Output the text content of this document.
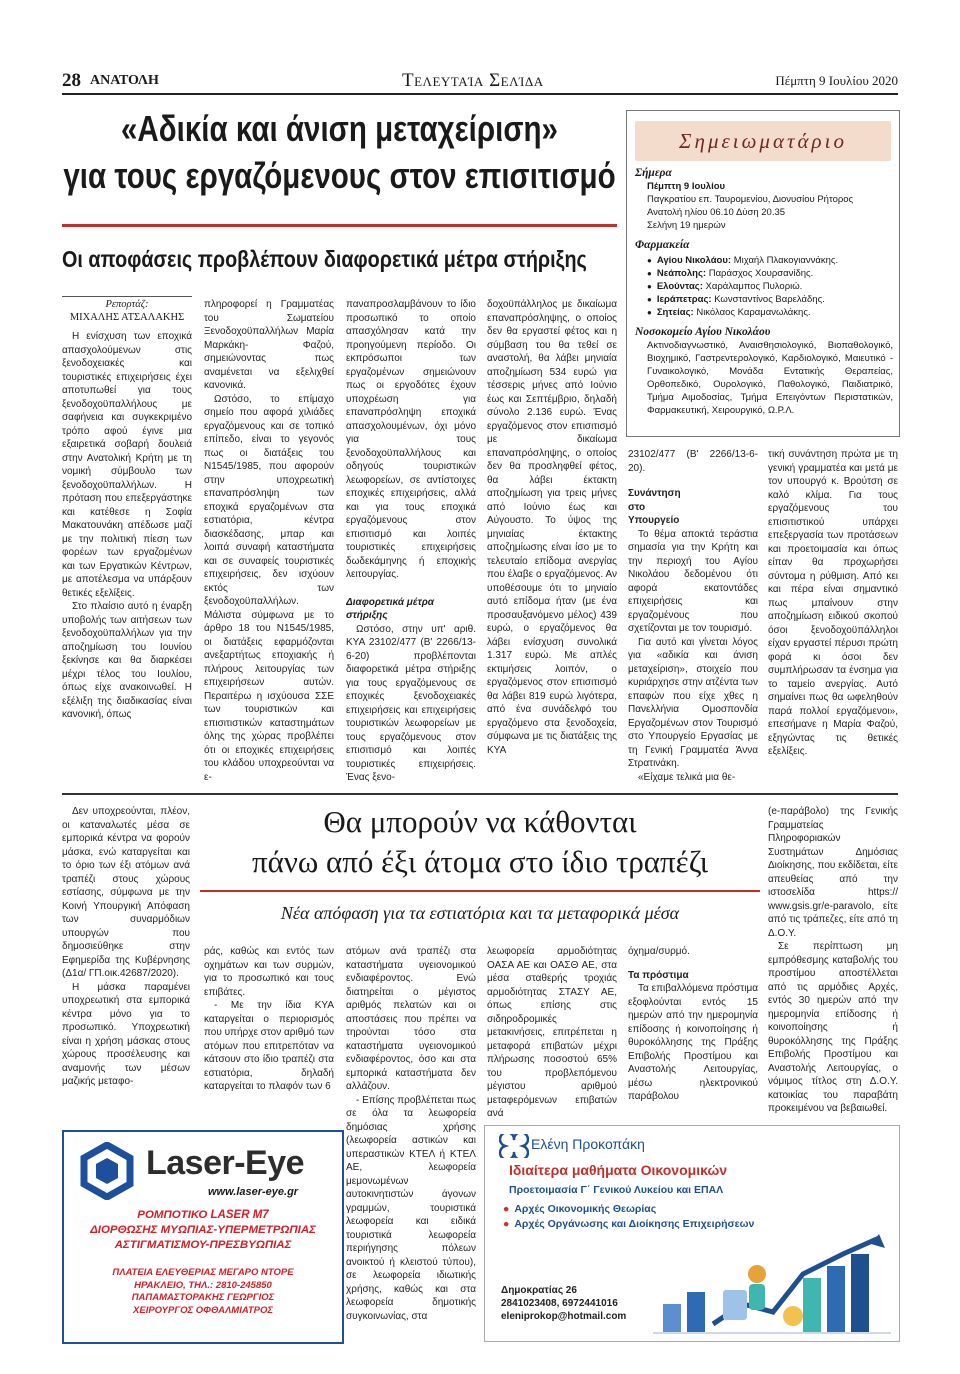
28 ΑΝΑΤΟΛΗ	Τελευταία Σελίδα	Πέμπτη 9 Ιουλίου 2020
«Αδικία και άνιση μεταχείριση»
για τους εργαζόμενους στον επισιτισμό
Οι αποφάσεις προβλέπουν διαφορετικά μέτρα στήριξης
Ρεπορτάζ:
ΜΙΧΑΛΗΣ ΑΤΣΑΛΑΚΗΣ

Η ενίσχυση των εποχικά απασχολούμενων στις ξενοδοχειακές και τουριστικές επιχειρήσεις έχει αποτυπωθεί για τους ξενοδοχοϋπαλλήλους με σαφήνεια και συγκεκριμένο τρόπο αφού έγινε μια εξαιρετικά σοβαρή δουλειά στην Ανατολική Κρήτη με τη νομική σύμβουλο των ξενοδοχοϋπαλλήλων. Η πρόταση που επεξεργάστηκε και κατέθεσε η Σοφία Μακατουνάκη απέδωσε μαζί με την πολιτική πίεση των φορέων των εργαζομένων και των Εργατικών Κέντρων, με αποτέλεσμα να υπάρξουν θετικές εξελίξεις.

Στο πλαίσιο αυτό η έναρξη υποβολής των αιτήσεων των ξενοδοχοϋπαλλήλων για την αποζημίωση του Ιουνίου ξεκίνησε και θα διαρκέσει μέχρι τέλος του Ιουλίου, όπως είχε ανακοινωθεί. Η εξέλιξη της διαδικασίας είναι κανονική, όπως

πληροφορεί η Γραμματέας του Σωματείου Ξενοδοχοϋπαλλήλων Μαρία Μαρκάκη- Φαζού, σημειώνοντας πως αναμένεται να εξελιχθεί κανονικά.

Ωστόσο, το επίμαχο σημείο που αφορά χιλιάδες εργαζόμενους και σε τοπικό επίπεδο, είναι το γεγονός πως οι διατάξεις του Ν1545/1985, που αφορούν στην υποχρεωτική επαναπρόσληψη των εποχικά εργαζομένων στα εστιατόρια, κέντρα διασκέδασης, μπαρ και λοιπά συναφή καταστήματα και σε συναφείς τουριστικές επιχειρήσεις, δεν ισχύουν εκτός των ξενοδοχοϋπαλλήλων. Μάλιστα σύμφωνα με το άρθρο 18 του Ν1545/1985, οι διατάξεις εφαρμόζονται ανεξαρτήτως εποχιακής ή πλήρους λειτουργίας των επιχειρήσεων αυτών. Περαιτέρω η ισχύουσα ΣΣΕ των τουριστικών και επισιτιστικών καταστημάτων όλης της χώρας προβλέπει ότι οι εποχικές επιχειρήσεις του κλάδου υποχρεούνται να ε-

παναπροσλαμβάνουν το ίδιο προσωπικό το οποίο απασχόλησαν κατά την προηγούμενη περίοδο. Οι εκπρόσωποι των εργαζομένων σημειώνουν πως οι εργοδότες έχουν υποχρέωση για επαναπρόσληψη εποχικά απασχολουμένων, όχι μόνο για τους ξενοδοχοϋπαλλήλους και οδηγούς τουριστικών λεωφορείων, σε αντίστοιχες εποχικές επιχειρήσεις, αλλά και για τους εποχικά εργαζόμενους στον επισιτισμό και λοιπές τουριστικές επιχειρήσεις δωδεκάμηνης ή εποχικής λειτουργίας.

Διαφορετικά μέτρα στήριξης

Ωστόσο, στην υπ' αριθ. ΚΥΑ 23102/477 (Β' 2266/13-6-20) προβλέπονται διαφορετικά μέτρα στήριξης για τους εργαζόμενους σε εποχικές ξενοδοχειακές επιχειρήσεις και επιχειρήσεις τουριστικών λεωφορείων με τους εργαζόμενους στον επισιτισμό και λοιπές τουριστικές επιχειρήσεις. Ένας ξενο-

δοχοϋπάλληλος με δικαίωμα επαναπρόσληψης, ο οποίος δεν θα εργαστεί φέτος και η σύμβαση του θα τεθεί σε αναστολή, θα λάβει μηνιαία αποζημίωση 534 ευρώ για τέσσερις μήνες από Ιούνιο έως και Σεπτέμβριο, δηλαδή σύνολο 2.136 ευρώ. Ένας εργαζόμενος στον επισιτισμό με δικαίωμα επαναπρόσληψης, ο οποίος δεν θα προσληφθεί φέτος, θα λάβει έκτακτη αποζημίωση για τρεις μήνες από Ιούνιο έως και Αύγουστο. Το ύψος της μηνιαίας έκτακτης αποζημίωσης είναι ίσο με το τελευταίο επίδομα ανεργίας που έλαβε ο εργαζόμενος. Αν υποθέσουμε ότι το μηνιαίο αυτό επίδομα ήταν (με ένα προσαυξανόμενο μέλος) 439 ευρώ, ο εργαζόμενος θα λάβει ενίσχυση συνολικά 1.317 ευρώ. Με απλές εκτιμήσεις λοιπόν, ο εργαζόμενος στον επισιτισμό θα λάβει 819 ευρώ λιγότερα, από ένα συνάδελφό του εργαζόμενο στα ξενοδοχεία, σύμφωνα με τις διατάξεις της ΚΥΑ

23102/477 (Β' 2266/13-6-20).

Συνάντηση στο Υπουργείο

Το θέμα αποκτά τεράστια σημασία για την Κρήτη και την περιοχή του Αγίου Νικολάου δεδομένου ότι αφορά εκατοντάδες επιχειρήσεις και εργαζομένους που σχετίζονται με τον τουρισμό.

Για αυτό και γίνεται λόγος για «αδικία και άνιση μεταχείριση», στοιχείο που κυριάρχησε στην ατζέντα των επαφών που είχε χθες η Πανελλήνια Ομοσπονδία Εργαζομένων στον Τουρισμό στο Υπουργείο Εργασίας με τη Γενική Γραμματέα Άννα Στρατινάκη.

«Είχαμε τελικά μια θε-

τική συνάντηση πρώτα με τη γενική γραμματέα και μετά με τον υπουργό κ. Βρούτση σε καλό κλίμα. Για τους εργαζόμενους του επισιτιστικού υπάρχει επεξεργασία των προτάσεων και προετοιμασία και όπως είπαν θα προχωρήσει σύντομα η ρύθμιση. Από κει και πέρα είναι σημαντικό πως μπαίνουν στην αποζημίωση ειδικού σκοπού όσοι ξενοδοχοϋπάλληλοι είχαν εργαστεί πέρυσι πρώτη φορά κι όσοι δεν συμπλήρωσαν τα ένσημα για το ταμείο ανεργίας. Αυτό σημαίνει πως θα ωφεληθούν παρά πολλοί εργαζόμενοι», επεσήμανε η Μαρία Φαζού, εξηγώντας τις θετικές εξελίξεις.

Σημειωματάριο
Σήμερα
Πέμπτη 9 Ιουλίου
Παγκρατίου επ. Ταυρομενίου, Διονυσίου Ρήτορος
Ανατολή ηλίου 06.10 Δύση 20.35
Σελήνη 19 ημερών
Φαρμακεία
● Αγίου Νικολάου: Μιχαήλ Πλακογιαννάκης.
● Νεάπολης: Παράσχος Χουρσανίδης.
● Ελούντας: Χαράλαμπος Πυλοριώ.
● Ιεράπετρας: Κωνσταντίνος Βαρελάδης.
● Σητείας: Νικόλαος Καραμανωλάκης.
Νοσοκομείο Αγίου Νικολάου
Ακτινοδιαγνωστικό, Αναισθησιολογικό, Βιοπαθολογικό, Βιοχημικό, Γαστρεντερολογικό, Καρδιολογικό, Μαιευτικό - Γυναικολογικό, Μονάδα Εντατικής Θεραπείας, Ορθοπεδικό, Ουρολογικό, Παθολογικό, Παιδιατρικό, Τμήμα Αιμοδοσίας, Τμήμα Επειγόντων Περιστατικών, Φαρμακευτική, Χειρουργικό, Ω.Ρ.Λ.
Θα μπορούν να κάθονται
πάνω από έξι άτομα στο ίδιο τραπέζι
Νέα απόφαση για τα εστιατόρια και τα μεταφορικά μέσα

Δεν υποχρεούνται, πλέον, οι καταναλωτές μέσα σε εμπορικά κέντρα να φορούν μάσκα, ενώ καταργείται και το όριο των έξι ατόμων ανά τραπέζι στους χώρους εστίασης, σύμφωνα με την Κοινή Υπουργική Απόφαση των συναρμόδιων υπουργών που δημοσιεύθηκε στην Εφημερίδα της Κυβέρνησης (Δ1α/ ΓΠ.οικ.42687/2020).

Η μάσκα παραμένει υποχρεωτική στα εμπορικά κέντρα μόνο για το προσωπικό. Υποχρεωτική είναι η χρήση μάσκας στους χώρους προσέλευσης και αναμονής των μέσων μαζικής μεταφο-

ράς, καθώς και εντός των οχημάτων και των συρμών, για το προσωπικό και τους επιβάτες.

- Με την ίδια ΚΥΑ καταργείται ο περιορισμός που υπήρχε στον αριθμό των ατόμων που επιτρεπόταν να κάτσουν στο ίδιο τραπέζι στα εστιατόρια, δηλαδή καταργείται το πλαφόν των 6

ατόμων ανά τραπέζι στα καταστήματα υγειονομικού ενδιαφέροντος. Ενώ διατηρείται ο μέγιστος αριθμός πελατών και οι αποστάσεις που πρέπει να τηρούνται τόσο στα καταστήματα υγειονομικού ενδιαφέροντος, όσο και στα εμπορικά καταστήματα δεν αλλάζουν.

- Επίσης προβλέπεται πως σε όλα τα λεωφορεία δημόσιας χρήσης (λεωφορεία αστικών και υπεραστικών ΚΤΕΛ ή ΚΤΕΛ ΑΕ, λεωφορεία μεμονωμένων αυτοκινητιστών άγονων γραμμών, τουριστικά λεωφορεία και ειδικά τουριστικά λεωφορεία περιήγησης πόλεων ανοικτού ή κλειστού τύπου), σε λεωφορεία ιδιωτικής χρήσης, καθώς και στα λεωφορεία δημοτικής συγκοινωνίας, στα

λεωφορεία αρμοδιότητας ΟΑΣΑ ΑΕ και ΟΑΣΘ ΑΕ, στα μέσα σταθερής τροχιάς αρμοδιότητας ΣΤΑΣΥ ΑΕ, όπως επίσης στις σιδηροδρομικές μετακινήσεις, επιτρέπεται η μεταφορά επιβατών μέχρι πλήρωσης ποσοστού 65% του προβλεπόμενου μέγιστου αριθμού μεταφερόμενων επιβατών ανά

όχημα/συρμό.

Τα πρόστιμα

Τα επιβαλλόμενα πρόστιμα εξοφλούνται εντός 15 ημερών από την ημερομηνία επίδοσης ή κοινοποίησης ή θυροκόλλησης της Πράξης Επιβολής Προστίμου και Αναστολής Λειτουργίας, μέσω ηλεκτρονικού παράβολου

(e-παράβολο) της Γενικής Γραμματείας Πληροφοριακών Συστημάτων Δημόσιας Διοίκησης, που εκδίδεται, είτε απευθείας από την ιστοσελίδα https:// www.gsis.gr/e-paravolo, είτε από τις τράπεζες, είτε από τη Δ.Ο.Υ.

Σε περίπτωση μη εμπρόθεσμης καταβολής του προστίμου αποστέλλεται από τις αρμόδιες Αρχές, εντός 30 ημερών από την ημερομηνία επίδοσης ή κοινοποίησης ή θυροκόλλησης της Πράξης Επιβολής Προστίμου και Αναστολής Λειτουργίας, ο νόμιμος τίτλος στη Δ.Ο.Υ. κατοικίας του παραβάτη προκειμένου να βεβαιωθεί.

Laser-Eye
www.laser-eye.gr
ΡΟΜΠΟΤΙΚΟ LASER M7
ΔΙΟΡΘΩΣΗΣ ΜΥΩΠΙΑΣ-ΥΠΕΡΜΕΤΡΩΠΙΑΣ
ΑΣΤΙΓΜΑΤΙΣΜΟΥ-ΠΡΕΣΒΥΩΠΙΑΣ
ΠΛΑΤΕΙΑ ΕΛΕΥΘΕΡΙΑΣ ΜΕΓΑΡΟ ΝΤΟΡΕ
ΗΡΑΚΛΕΙΟ, ΤΗΛ.: 2810-245850
ΠΑΠΑΜΑΣΤΟΡΑΚΗΣ ΓΕΩΡΓΙΟΣ
ΧΕΙΡΟΥΡΓΟΣ ΟΦΘΑΛΜΙΑΤΡΟΣ
Ελένη Προκοπάκη
Ιδιαίτερα μαθήματα Οικονομικών
Προετοιμασία Γ΄ Γενικού Λυκείου και ΕΠΑΛ
● Αρχές Οικονομικής Θεωρίας
● Αρχές Οργάνωσης και Διοίκησης Επιχειρήσεων
Δημοκρατίας 26
2841023408, 6972441016
eleniprokop@hotmail.com
